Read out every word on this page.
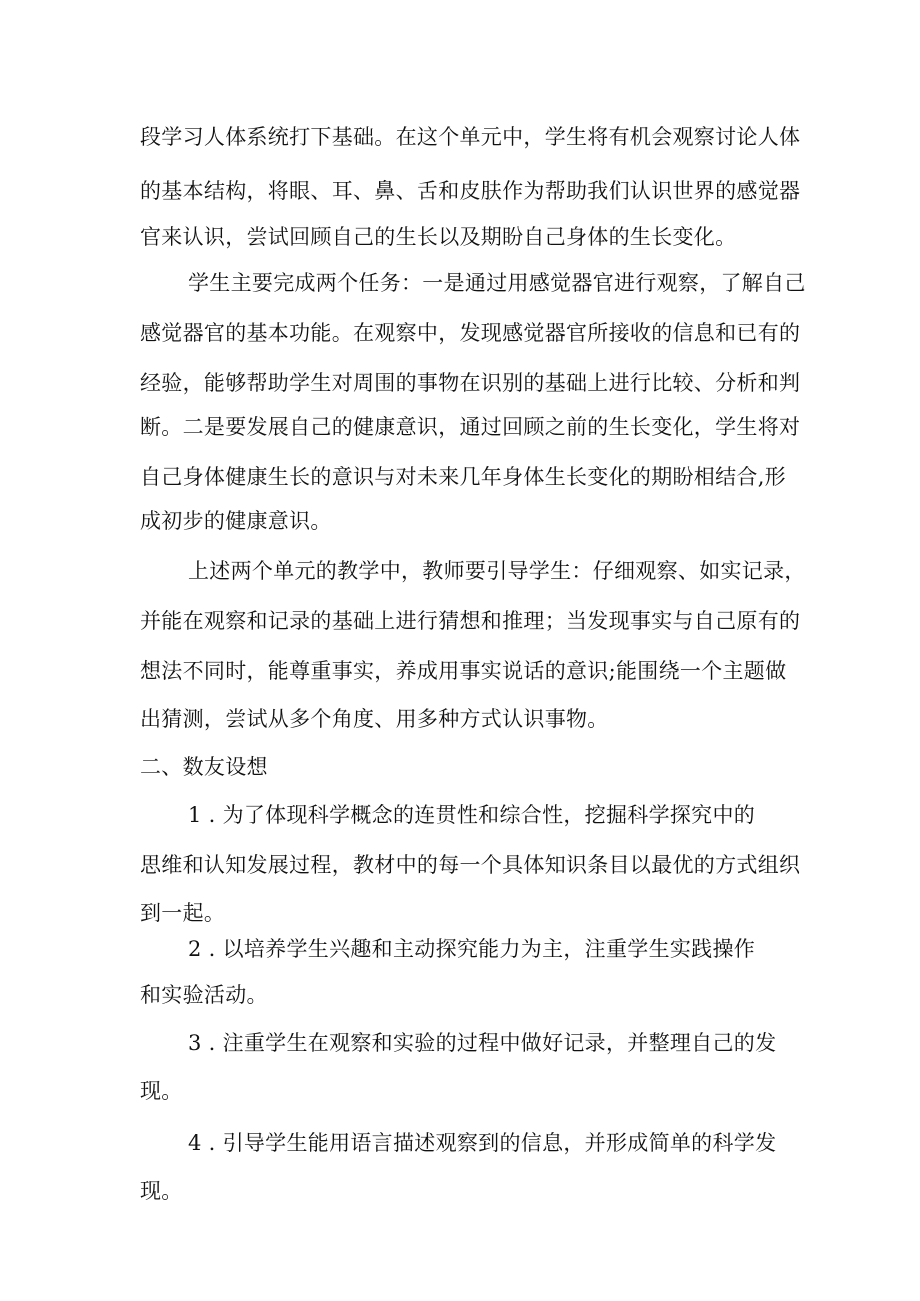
段学习人体系统打下基础。在这个单元中，学生将有机会观察讨论人体
的基本结构，将眼、耳、鼻、舌和皮肤作为帮助我们认识世界的感觉器
官来认识，尝试回顾自己的生长以及期盼自己身体的生长变化。
学生主要完成两个任务：一是通过用感觉器官进行观察，了解自己
感觉器官的基本功能。在观察中，发现感觉器官所接收的信息和已有的
经验，能够帮助学生对周围的事物在识别的基础上进行比较、分析和判
断。二是要发展自己的健康意识，通过回顾之前的生长变化，学生将对
自己身体健康生长的意识与对未来几年身体生长变化的期盼相结合,形
成初步的健康意识。
上述两个单元的教学中，教师要引导学生：仔细观察、如实记录，
并能在观察和记录的基础上进行猜想和推理；当发现事实与自己原有的
想法不同时，能尊重事实，养成用事实说话的意识;能围绕一个主题做
出猜测，尝试从多个角度、用多种方式认识事物。
二、数友设想
1 . 为了体现科学概念的连贯性和综合性，挖掘科学探究中的
思维和认知发展过程，教材中的每一个具体知识条目以最优的方式组织
到一起。
2 . 以培养学生兴趣和主动探究能力为主，注重学生实践操作
和实验活动。
3 . 注重学生在观察和实验的过程中做好记录，并整理自己的发
现。
4 . 引导学生能用语言描述观察到的信息，并形成简单的科学发
现。
